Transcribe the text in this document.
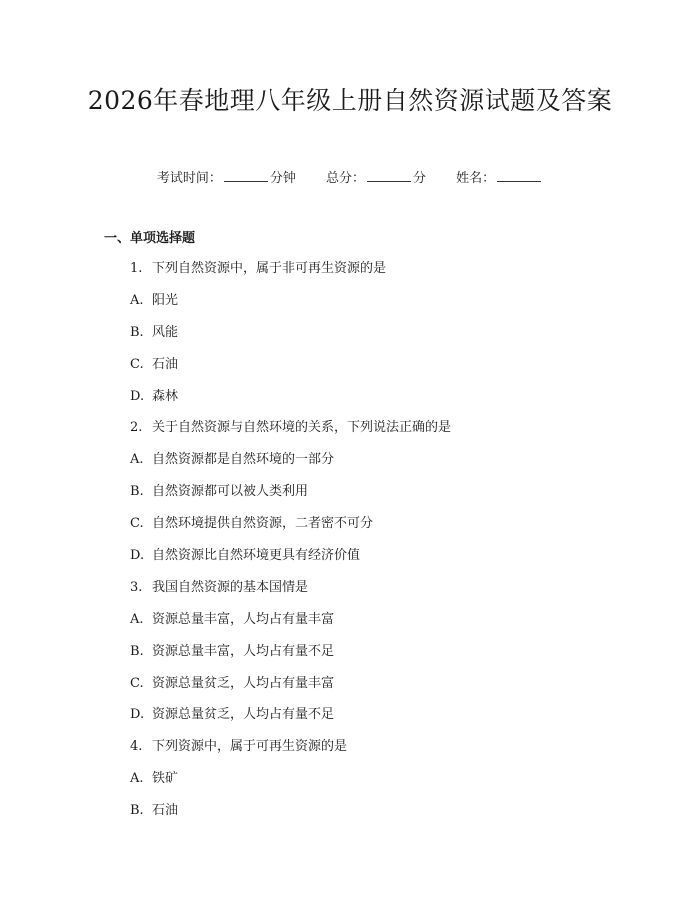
2026年春地理八年级上册自然资源试题及答案
考试时间：	分钟 总分：	分 姓名：
一、单项选择题
1. 下列自然资源中，属于非可再生资源的是
A. 阳光
B. 风能
C. 石油
D. 森林
2. 关于自然资源与自然环境的关系，下列说法正确的是
A. 自然资源都是自然环境的一部分
B. 自然资源都可以被人类利用
C. 自然环境提供自然资源，二者密不可分
D. 自然资源比自然环境更具有经济价值
3. 我国自然资源的基本国情是
A. 资源总量丰富，人均占有量丰富
B. 资源总量丰富，人均占有量不足
C. 资源总量贫乏，人均占有量丰富
D. 资源总量贫乏，人均占有量不足
4. 下列资源中，属于可再生资源的是
A. 铁矿
B. 石油
